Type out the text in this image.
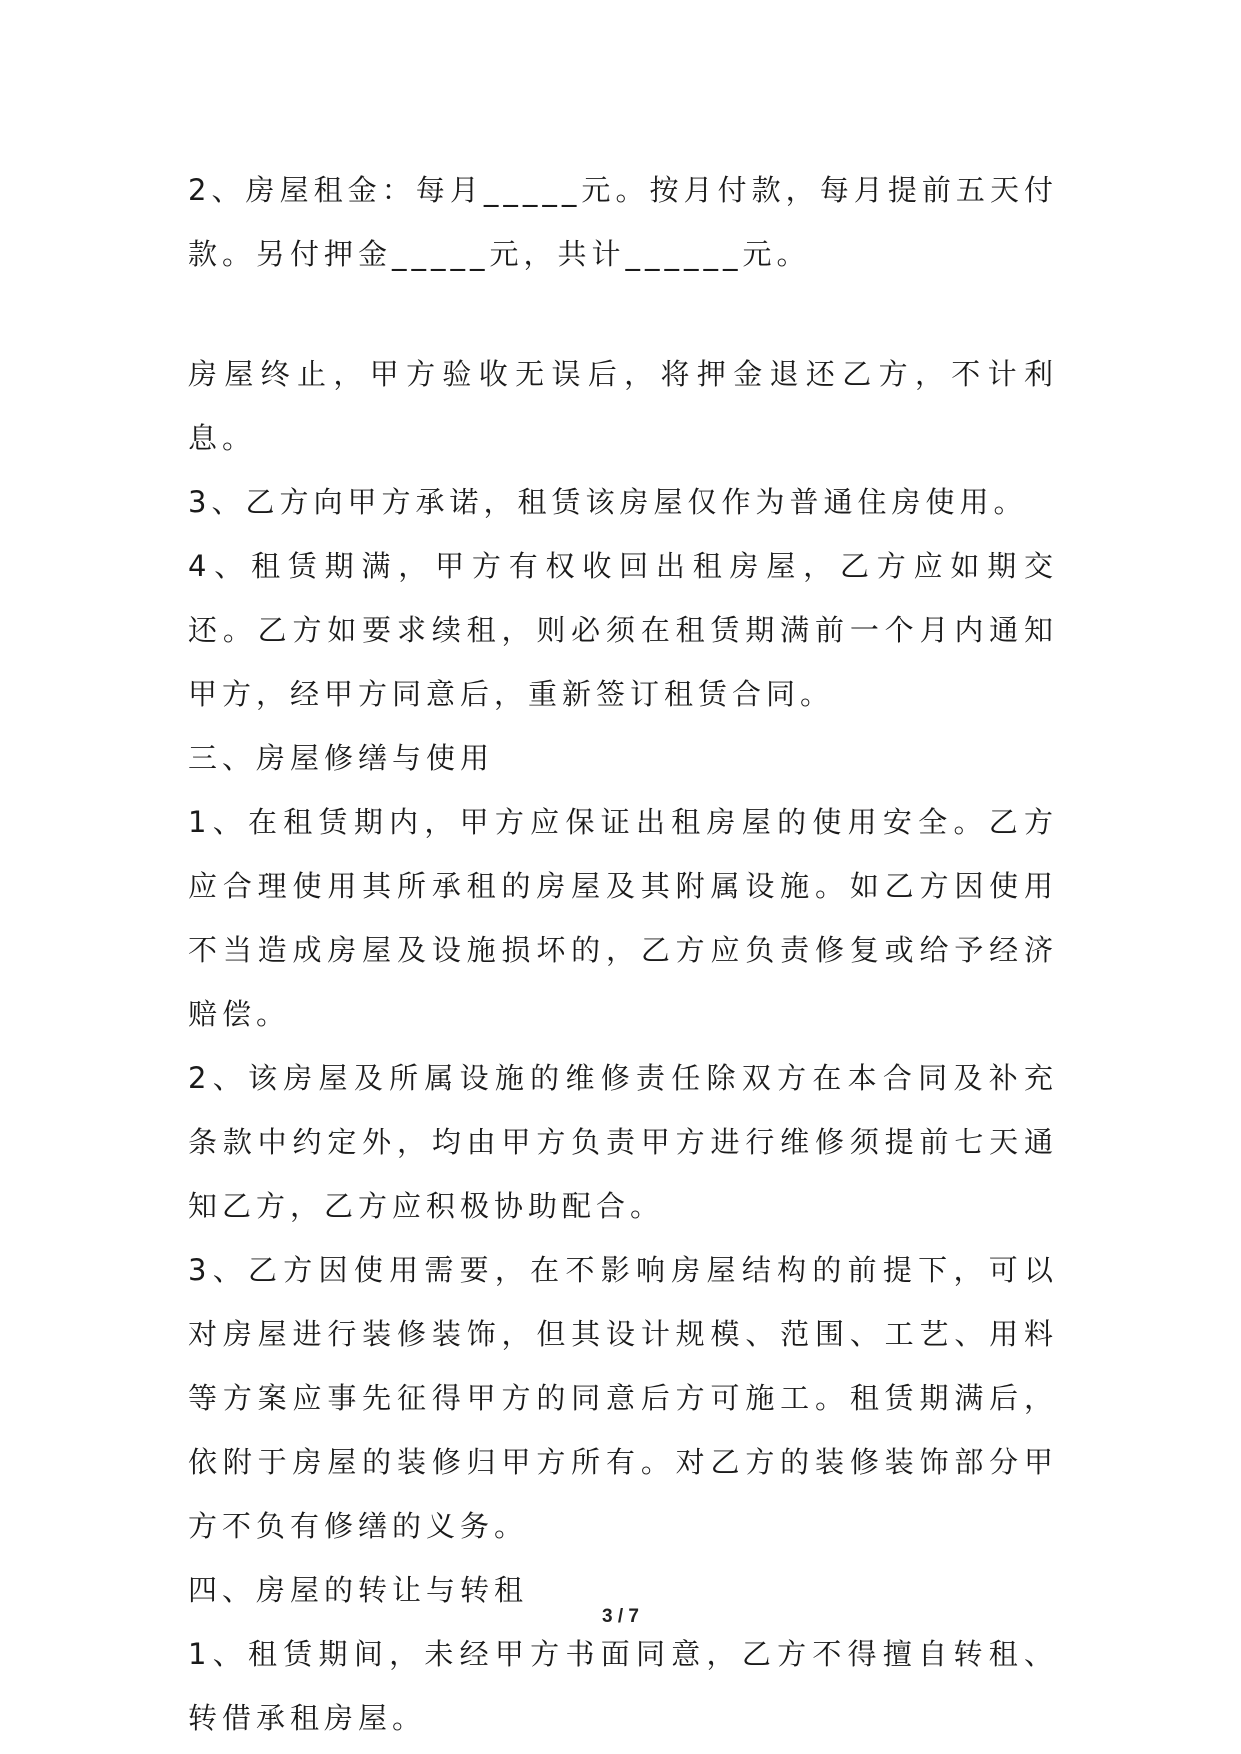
2、房屋租金：每月_____元。按月付款，每月提前五天付款。另付押金_____元，共计______元。

房屋终止，甲方验收无误后，将押金退还乙方，不计利息。

3、乙方向甲方承诺，租赁该房屋仅作为普通住房使用。

4、租赁期满，甲方有权收回出租房屋，乙方应如期交还。乙方如要求续租，则必须在租赁期满前一个月内通知甲方，经甲方同意后，重新签订租赁合同。

三、房屋修缮与使用

1、在租赁期内，甲方应保证出租房屋的使用安全。乙方应合理使用其所承租的房屋及其附属设施。如乙方因使用不当造成房屋及设施损坏的，乙方应负责修复或给予经济赔偿。

2、该房屋及所属设施的维修责任除双方在本合同及补充条款中约定外，均由甲方负责甲方进行维修须提前七天通知乙方，乙方应积极协助配合。

3、乙方因使用需要，在不影响房屋结构的前提下，可以对房屋进行装修装饰，但其设计规模、范围、工艺、用料等方案应事先征得甲方的同意后方可施工。租赁期满后，依附于房屋的装修归甲方所有。对乙方的装修装饰部分甲方不负有修缮的义务。

四、房屋的转让与转租

1、租赁期间，未经甲方书面同意，乙方不得擅自转租、转借承租房屋。

3 / 7
